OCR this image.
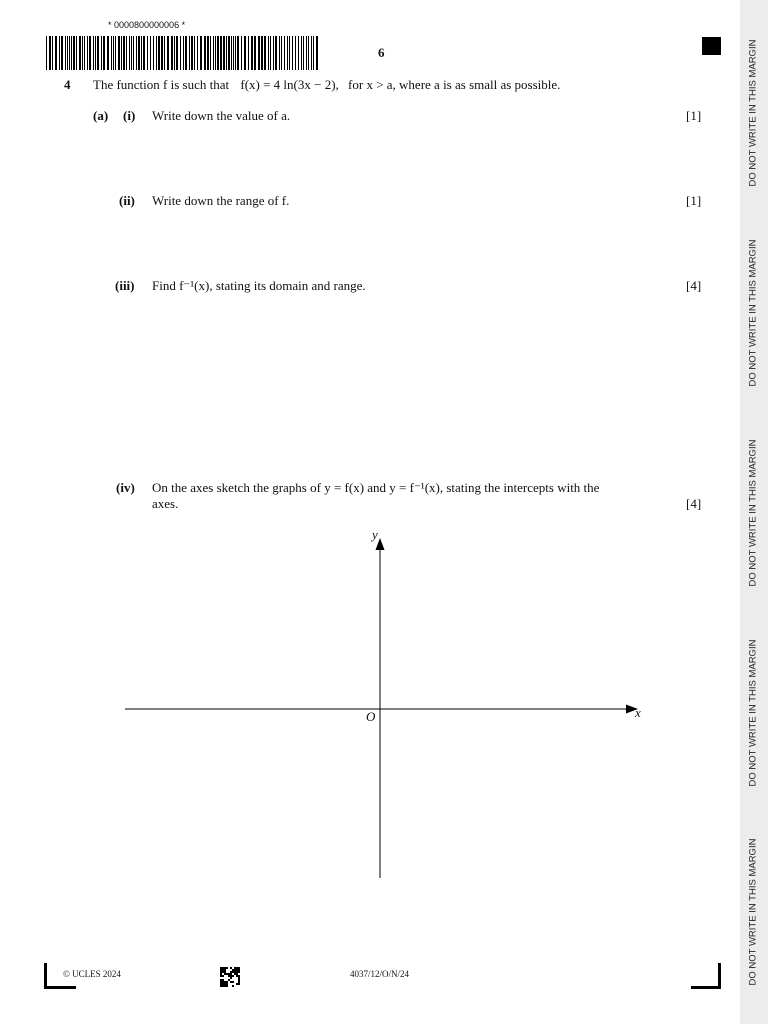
DO NOT WRITE IN THIS MARGIN
DO NOT WRITE IN THIS MARGIN
DO NOT WRITE IN THIS MARGIN
DO NOT WRITE IN THIS MARGIN
DO NOT WRITE IN THIS MARGIN
* 0000800000006 *
6
4 The function f is such that f(x) = 4 ln(3x − 2), for x > a, where a is as small as possible.
(a) (i) Write down the value of a.	[1]
(ii) Write down the range of f.	[1]
(iii) Find f⁻¹(x), stating its domain and range.	[4]
(iv) On the axes sketch the graphs of y = f(x) and y = f⁻¹(x), stating the intercepts with the
axes.	[4]
x
y
O
© UCLES 2024	4037/12/O/N/24
